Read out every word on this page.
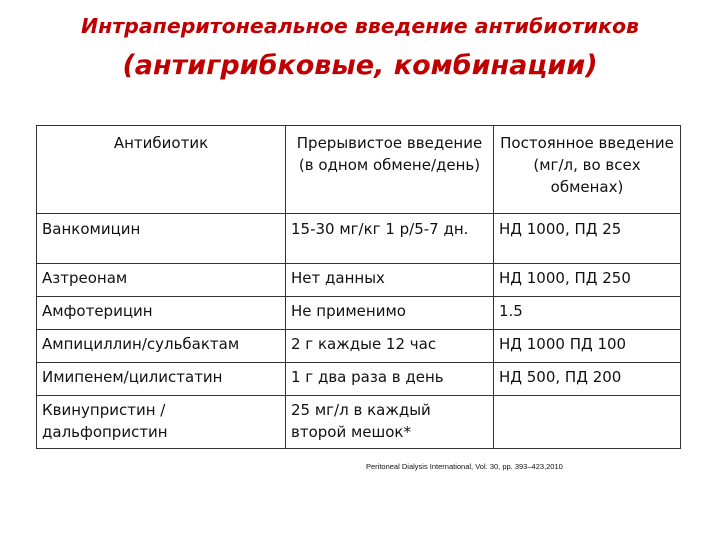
Интраперитонеальное введение антибиотиков
(антигрибковые, комбинации)
Антибиотик	Прерывистое введение (в одном обмене/день)	Постоянное введение (мг/л, во всех обменах)
Ванкомицин	15-30 мг/кг 1 р/5-7 дн.	НД 1000, ПД 25
Азтреонам	Нет данных	НД 1000, ПД 250
Амфотерицин	Не применимо	1.5
Ампициллин/сульбактам	2 г каждые 12 час	НД 1000 ПД 100
Имипенем/цилистатин	1 г два раза в день	НД 500, ПД 200
Квинупристин /дальфопристин	25 мг/л в каждый второй мешок*	
Peritoneal Dialysis International, Vol. 30, pp. 393–423,2010
